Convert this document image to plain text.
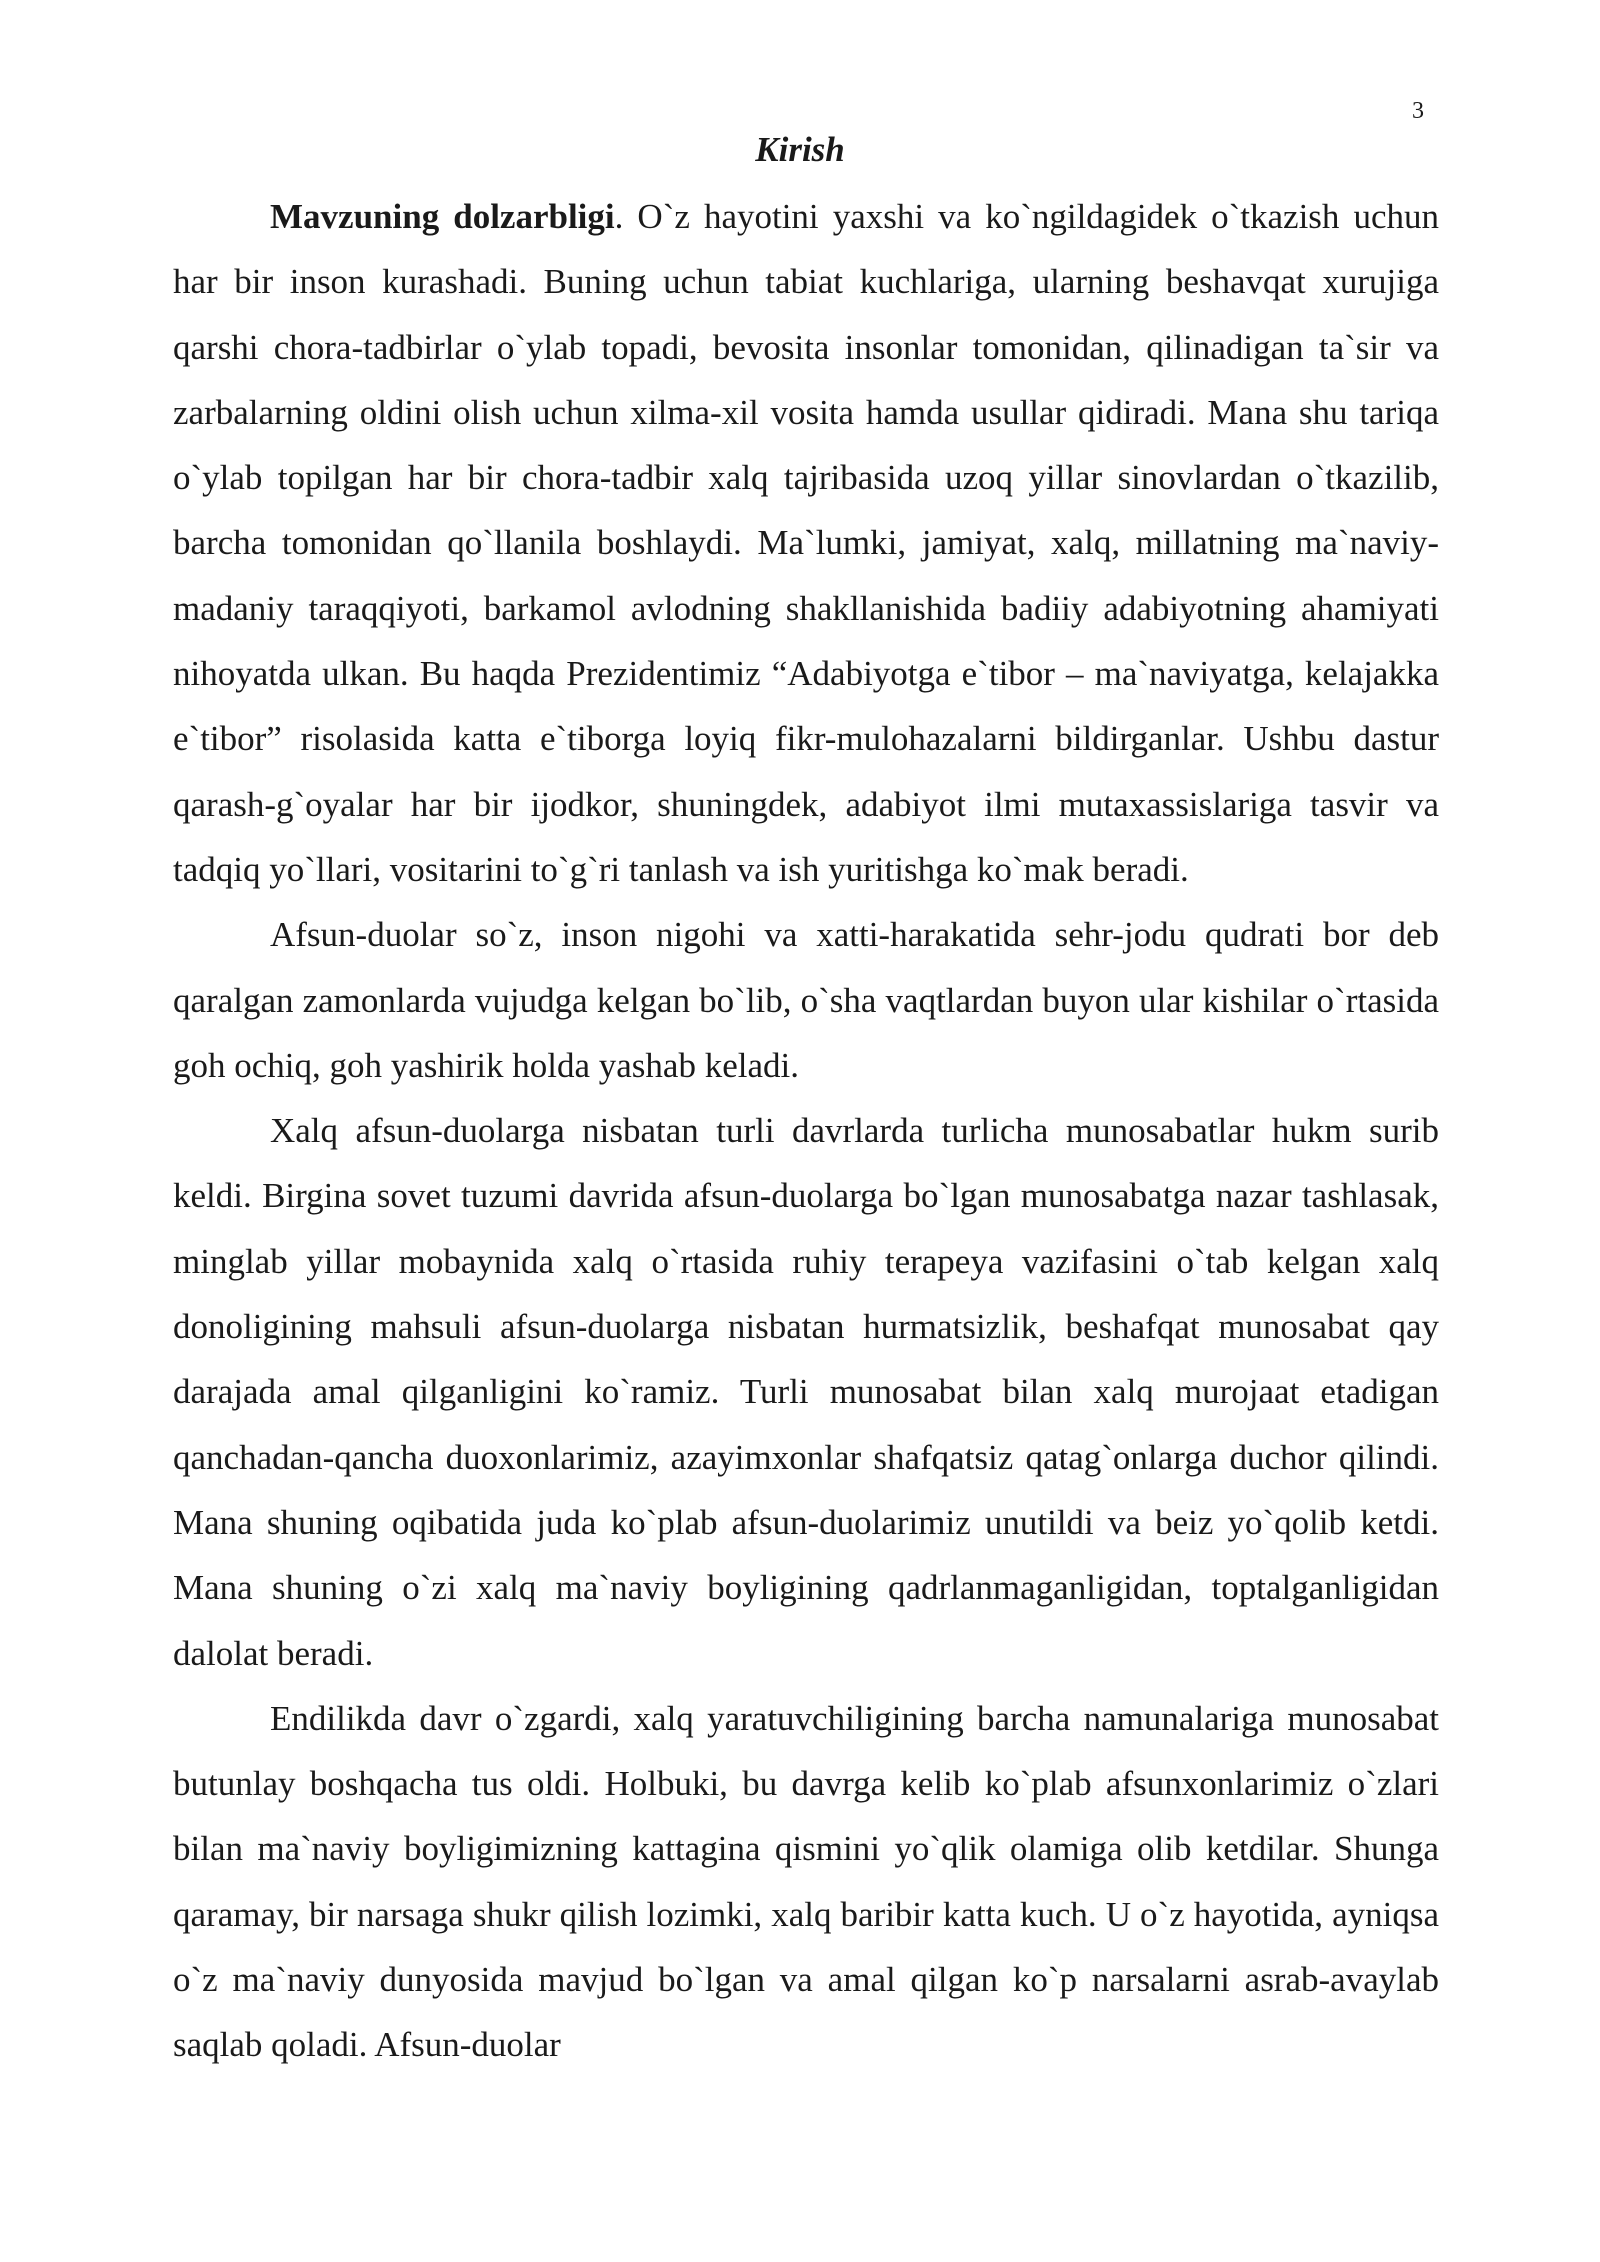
3
Kirish

Mavzuning dolzarbligi. O`z hayotini yaxshi va ko`ngildagidek o`tkazish uchun har bir inson kurashadi. Buning uchun tabiat kuchlariga, ularning beshavqat xurujiga qarshi chora-tadbirlar o`ylab topadi, bevosita insonlar tomonidan, qilinadigan ta`sir va zarbalarning oldini olish uchun xilma-xil vosita hamda usullar qidiradi. Mana shu tariqa o`ylab topilgan har bir chora-tadbir xalq tajribasida uzoq yillar sinovlardan o`tkazilib, barcha tomonidan qo`llanila boshlaydi. Ma`lumki, jamiyat, xalq, millatning ma`naviy-madaniy taraqqiyoti, barkamol avlodning shakllanishida badiiy adabiyotning ahamiyati nihoyatda ulkan. Bu haqda Prezidentimiz “Adabiyotga e`tibor – ma`naviyatga, kelajakka e`tibor” risolasida katta e`tiborga loyiq fikr-mulohazalarni bildirganlar. Ushbu dastur qarash-g`oyalar har bir ijodkor, shuningdek, adabiyot ilmi mutaxassislariga tasvir va tadqiq yo`llari, vositarini to`g`ri tanlash va ish yuritishga ko`mak beradi.

Afsun-duolar so`z, inson nigohi va xatti-harakatida sehr-jodu qudrati bor deb qaralgan zamonlarda vujudga kelgan bo`lib, o`sha vaqtlardan buyon ular kishilar o`rtasida goh ochiq, goh yashirik holda yashab keladi.

Xalq afsun-duolarga nisbatan turli davrlarda turlicha munosabatlar hukm surib keldi. Birgina sovet tuzumi davrida afsun-duolarga bo`lgan munosabatga nazar tashlasak, minglab yillar mobaynida xalq o`rtasida ruhiy terapeya vazifasini o`tab kelgan xalq donoligining mahsuli afsun-duolarga nisbatan hurmatsizlik, beshafqat munosabat qay darajada amal qilganligini ko`ramiz. Turli munosabat bilan xalq murojaat etadigan qanchadan-qancha duoxonlarimiz, azayimxonlar shafqatsiz qatag`onlarga duchor qilindi. Mana shuning oqibatida juda ko`plab afsun-duolarimiz unutildi va beiz yo`qolib ketdi. Mana shuning o`zi xalq ma`naviy boyligining qadrlanmaganligidan, toptalganligidan dalolat beradi.

Endilikda davr o`zgardi, xalq yaratuvchiligining barcha namunalariga munosabat butunlay boshqacha tus oldi. Holbuki, bu davrga kelib ko`plab afsunxonlarimiz o`zlari bilan ma`naviy boyligimizning kattagina qismini yo`qlik olamiga olib ketdilar. Shunga qaramay, bir narsaga shukr qilish lozimki, xalq baribir katta kuch. U o`z hayotida, ayniqsa o`z ma`naviy dunyosida mavjud bo`lgan va amal qilgan ko`p narsalarni asrab-avaylab saqlab qoladi. Afsun-duolar
